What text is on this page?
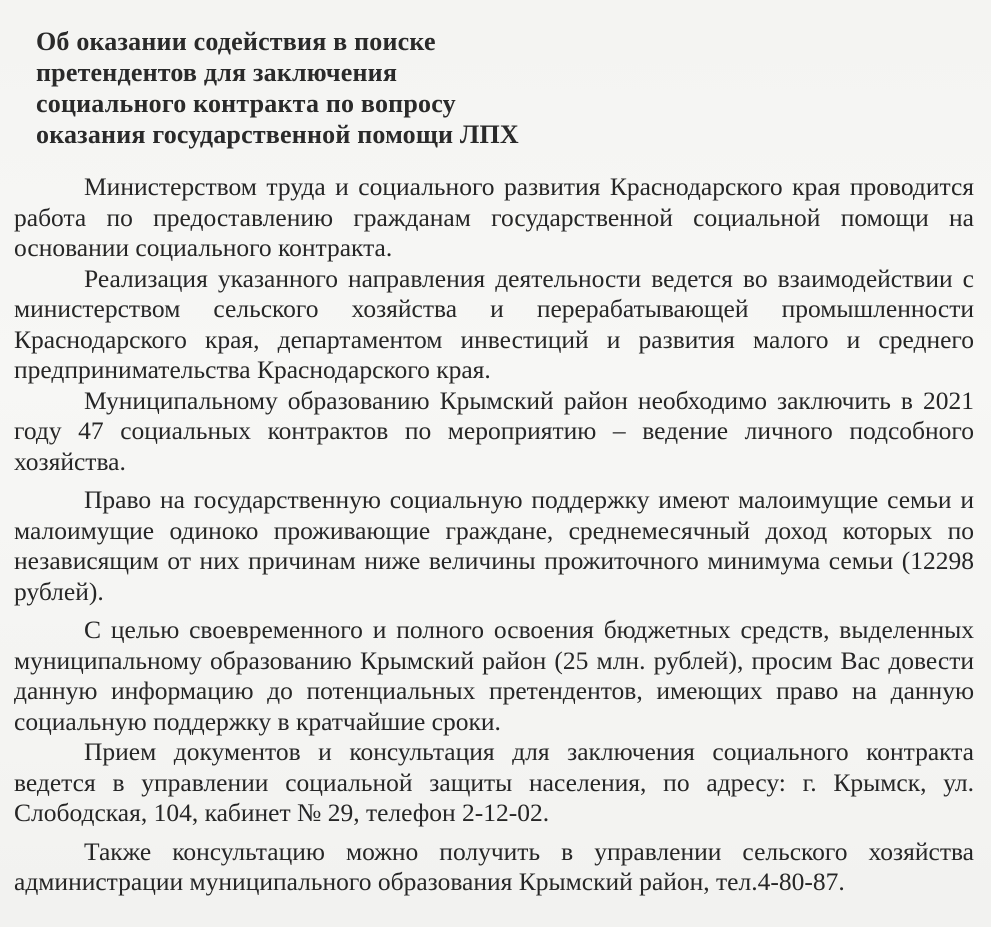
Об оказании содействия в поиске
претендентов для заключения
социального контракта по вопросу
оказания государственной помощи ЛПХ

Министерством труда и социального развития Краснодарского края проводится работа по предоставлению гражданам государственной социальной помощи на основании социального контракта.

Реализация указанного направления деятельности ведется во взаимодействии с министерством сельского хозяйства и перерабатывающей промышленности Краснодарского края, департаментом инвестиций и развития малого и среднего предпринимательства Краснодарского края.

Муниципальному образованию Крымский район необходимо заключить в 2021 году 47 социальных контрактов по мероприятию – ведение личного подсобного хозяйства.

Право на государственную социальную поддержку имеют малоимущие семьи и малоимущие одиноко проживающие граждане, среднемесячный доход которых по независящим от них причинам ниже величины прожиточного минимума семьи (12298 рублей).

С целью своевременного и полного освоения бюджетных средств, выделенных муниципальному образованию Крымский район (25 млн. рублей), просим Вас довести данную информацию до потенциальных претендентов, имеющих право на данную социальную поддержку в кратчайшие сроки.

Прием документов и консультация для заключения социального контракта ведется в управлении социальной защиты населения, по адресу: г. Крымск, ул. Слободская, 104, кабинет № 29, телефон 2-12-02.

Также консультацию можно получить в управлении сельского хозяйства администрации муниципального образования Крымский район, тел.4-80-87.
